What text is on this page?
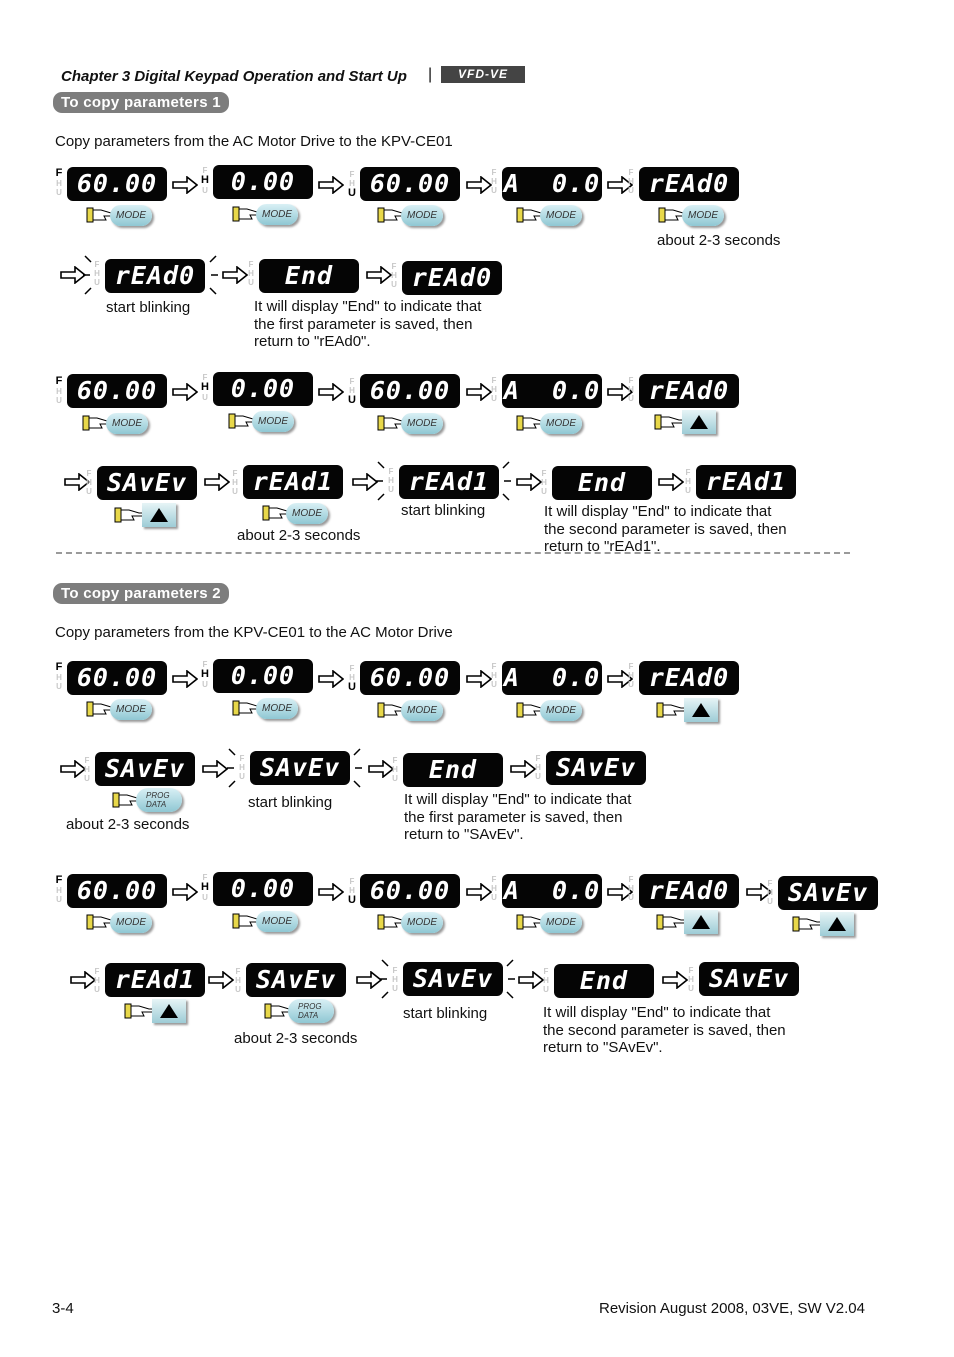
Chapter 3 Digital Keypad Operation and Start Up |	VFD-VE
To copy parameters 1
Copy parameters from the AC Motor Drive to the KPV-CE01
F
H
U 60.00	F
H
U 0.00	F
H
U 60.00	F
H
U A  0.0	F
H
U rEAd0
MODE	MODE	MODE	MODE	MODE
about 2-3 seconds
F
H
U rEAd0	F
H
U	End	F
H
U rEAd0
start blinking	It will display "End" to indicate that
the first parameter is saved, then
return to "rEAd0".
F
H
U 60.00	F
H
U 0.00	F
H
U 60.00	F
H
U A  0.0	F
H
U rEAd0
MODE	MODE	MODE	MODE
F
H
U SAvEv	F
H
U rEAd1	F
H
U rEAd1	F
H
U	End	F
H
U rEAd1
MODE
about 2-3 seconds
start blinking	It will display "End" to indicate that
the second parameter is saved, then
return to "rEAd1".
To copy parameters 2
Copy parameters from the KPV-CE01 to the AC Motor Drive
F
H
U 60.00	F
H
U 0.00	F
H
U 60.00	F
H
U A  0.0	F
H
U rEAd0
MODE	MODE	MODE	MODE
F
H
U SAvEv	F
H
U SAvEv	F
H
U	End	F
H
U SAvEv
PROG
DATA
about 2-3 seconds
start blinking	It will display "End" to indicate that
the first parameter is saved, then
return to "SAvEv".
F
H
U 60.00	F
H
U 0.00	F
H
U 60.00	F
H
U A  0.0	F
H
U rEAd0	F
H
U SAvEv
MODE	MODE	MODE	MODE
F
H
U rEAd1	F
H
U SAvEv	F
H
U SAvEv	F
H
U	End	F
H
U SAvEv
PROG
DATA
about 2-3 seconds
start blinking	It will display "End" to indicate that
the second parameter is saved, then
return to "SAvEv".
3-4	Revision August 2008, 03VE, SW V2.04
